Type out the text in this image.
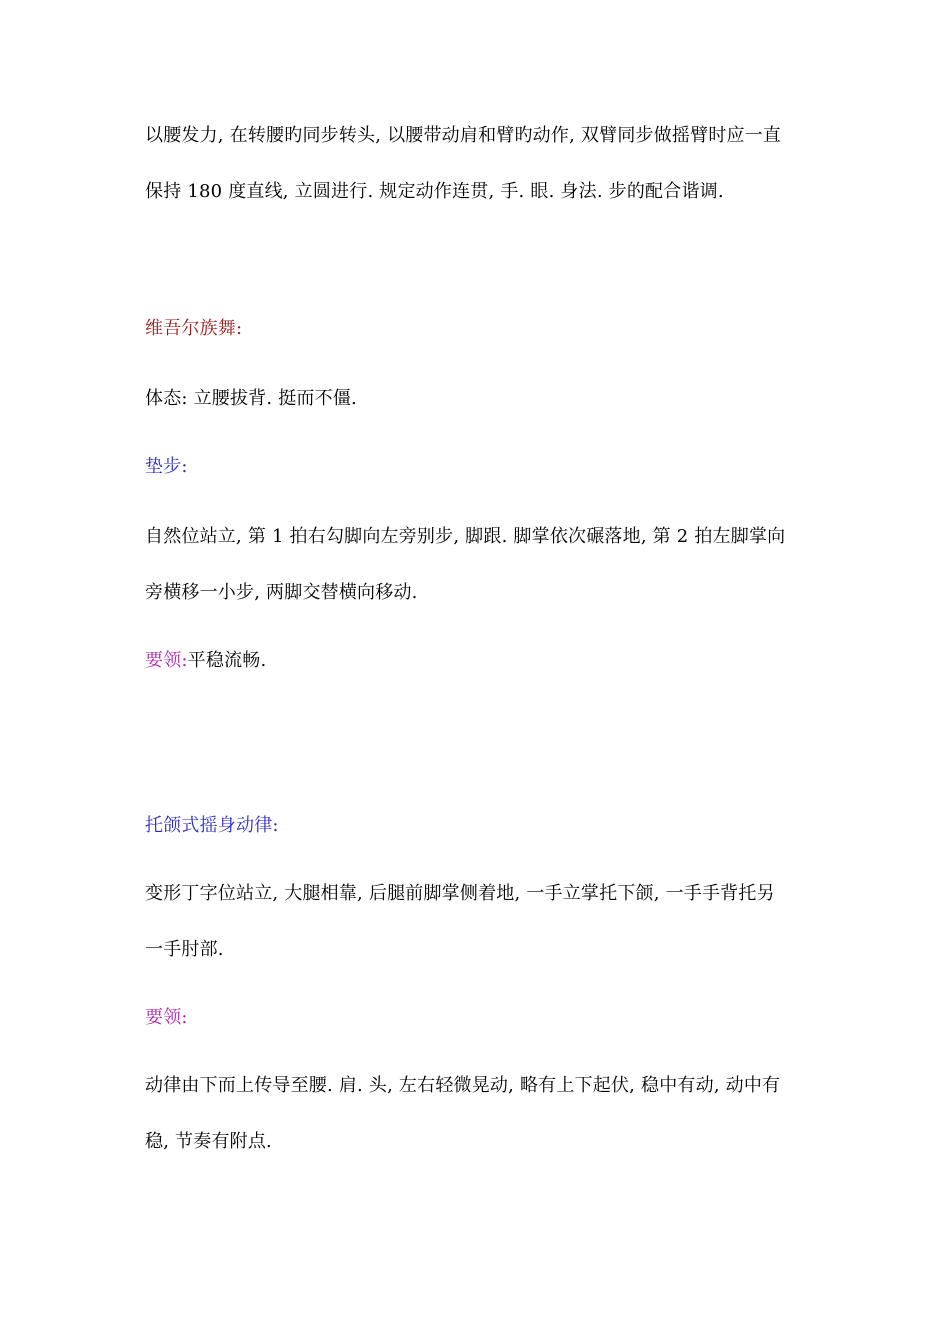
以腰发力, 在转腰旳同步转头, 以腰带动肩和臂旳动作, 双臂同步做摇臂时应一直
保持 180 度直线, 立圆进行. 规定动作连贯, 手. 眼. 身法. 步的配合谐调.
维吾尔族舞:
体态: 立腰拔背. 挺而不僵.
垫步:
自然位站立, 第 1 拍右勾脚向左旁别步, 脚跟. 脚掌依次碾落地, 第 2 拍左脚掌向
旁横移一小步, 两脚交替横向移动.
要领:平稳流畅.
托颌式摇身动律:
变形丁字位站立, 大腿相靠, 后腿前脚掌侧着地, 一手立掌托下颌, 一手手背托另
一手肘部.
要领:
动律由下而上传导至腰. 肩. 头, 左右轻微晃动, 略有上下起伏, 稳中有动, 动中有
稳, 节奏有附点.
